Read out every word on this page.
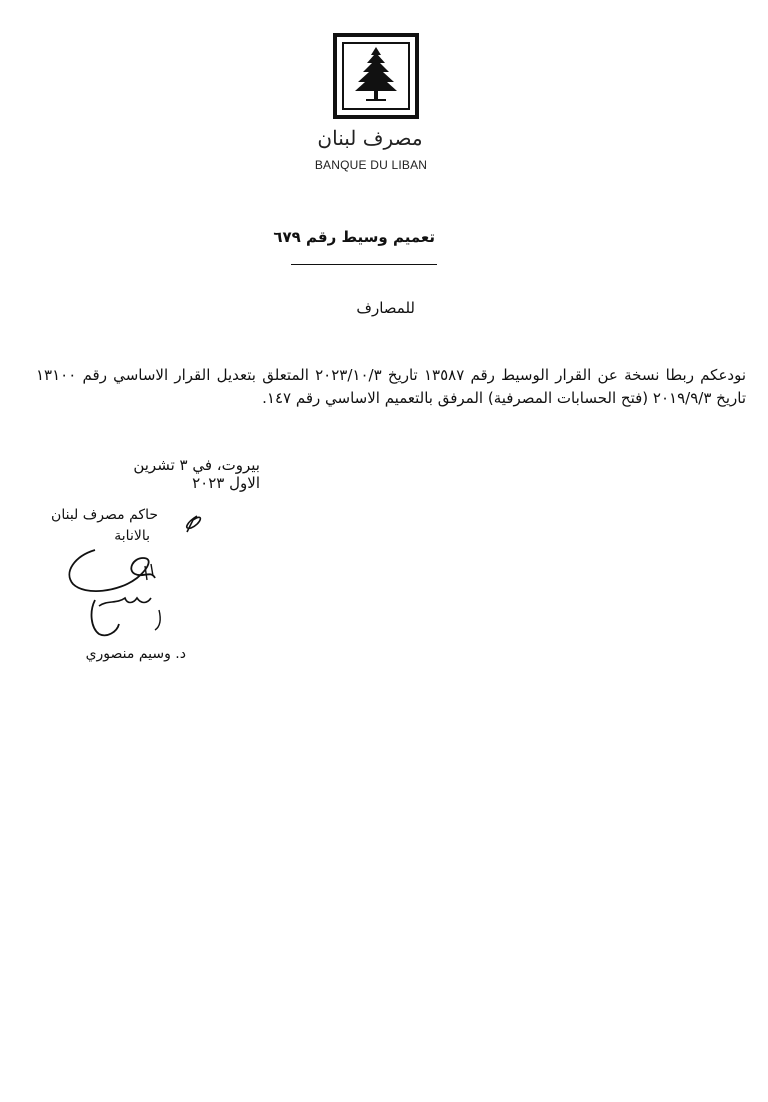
مصرف لبنان
BANQUE DU LIBAN
تعميم وسيط رقم ٦٧٩
للمصارف
نودعكم ربطا نسخة عن القرار الوسيط رقم ١٣٥٨٧ تاريخ ٢٠٢٣/١٠/٣ المتعلق بتعديل القرار الاساسي رقم ١٣١٠٠ تاريخ ٢٠١٩/٩/٣ (فتح الحسابات المصرفية) المرفق بالتعميم الاساسي رقم ١٤٧.
بيروت، في ٣ تشرين الاول ٢٠٢٣
حاكم مصرف لبنان
بالانابة
د. وسيم منصوري
